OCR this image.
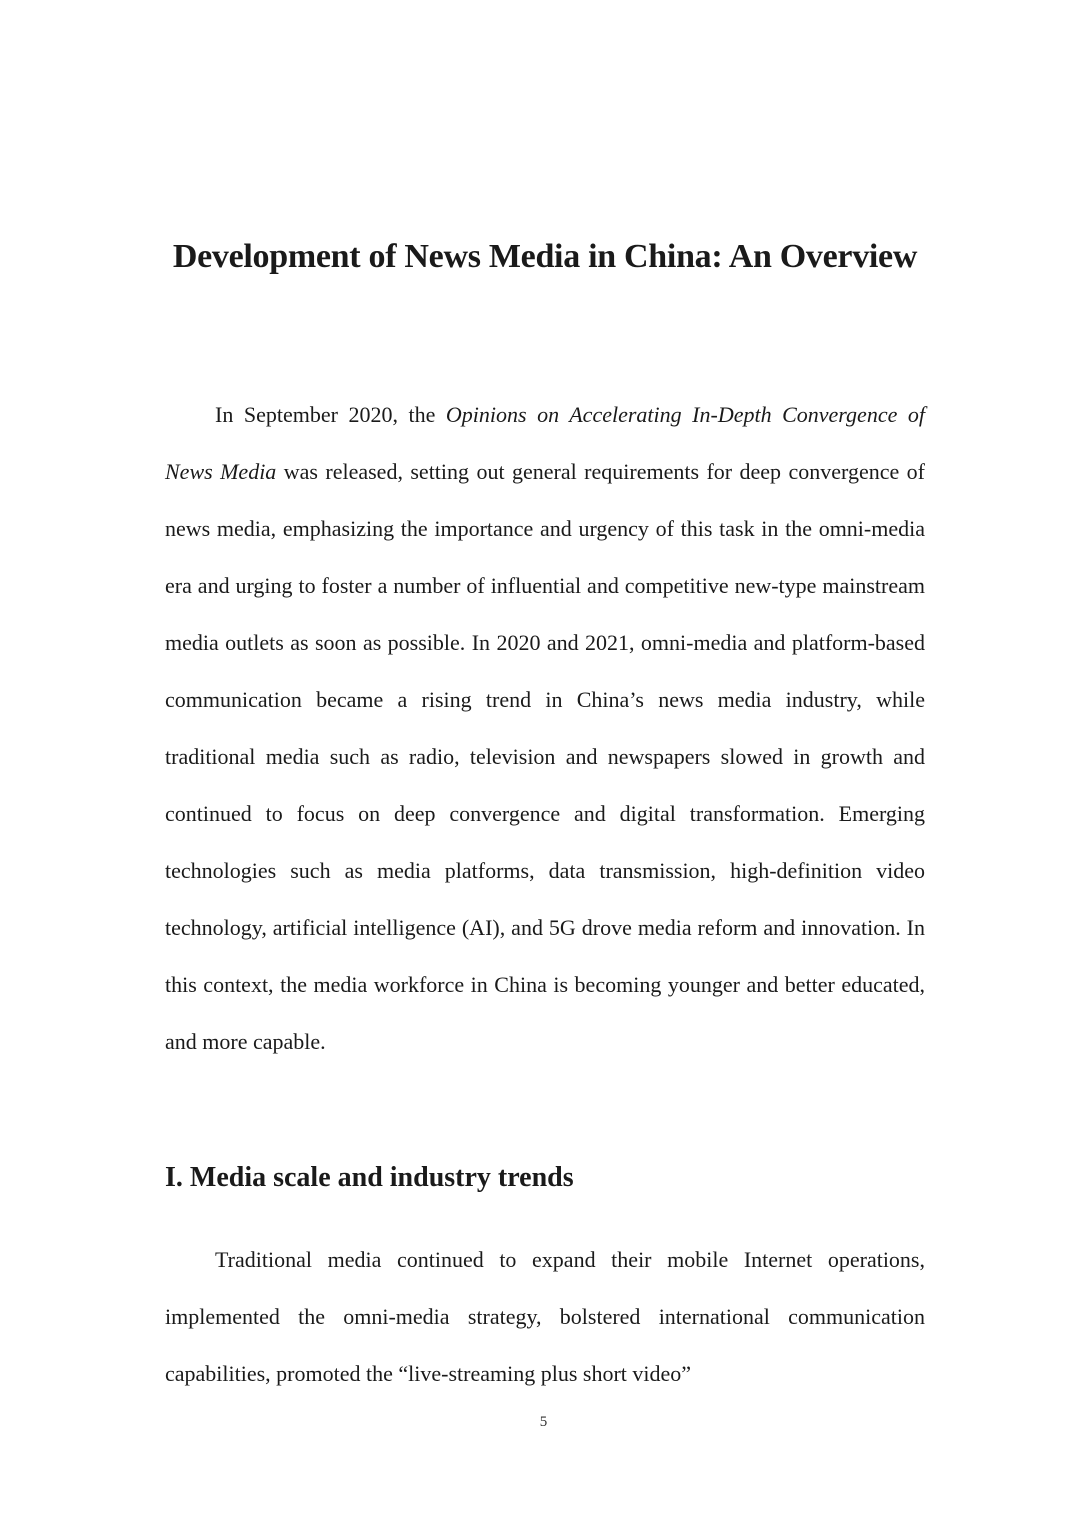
Development of News Media in China: An Overview

In September 2020, the Opinions on Accelerating In-Depth Convergence of News Media was released, setting out general requirements for deep convergence of news media, emphasizing the importance and urgency of this task in the omni-media era and urging to foster a number of influential and competitive new-type mainstream media outlets as soon as possible. In 2020 and 2021, omni-media and platform-based communication became a rising trend in China’s news media industry, while traditional media such as radio, television and newspapers slowed in growth and continued to focus on deep convergence and digital transformation. Emerging technologies such as media platforms, data transmission, high-definition video technology, artificial intelligence (AI), and 5G drove media reform and innovation. In this context, the media workforce in China is becoming younger and better educated, and more capable.

I. Media scale and industry trends

Traditional media continued to expand their mobile Internet operations, implemented the omni-media strategy, bolstered international communication capabilities, promoted the “live-streaming plus short video”

5
